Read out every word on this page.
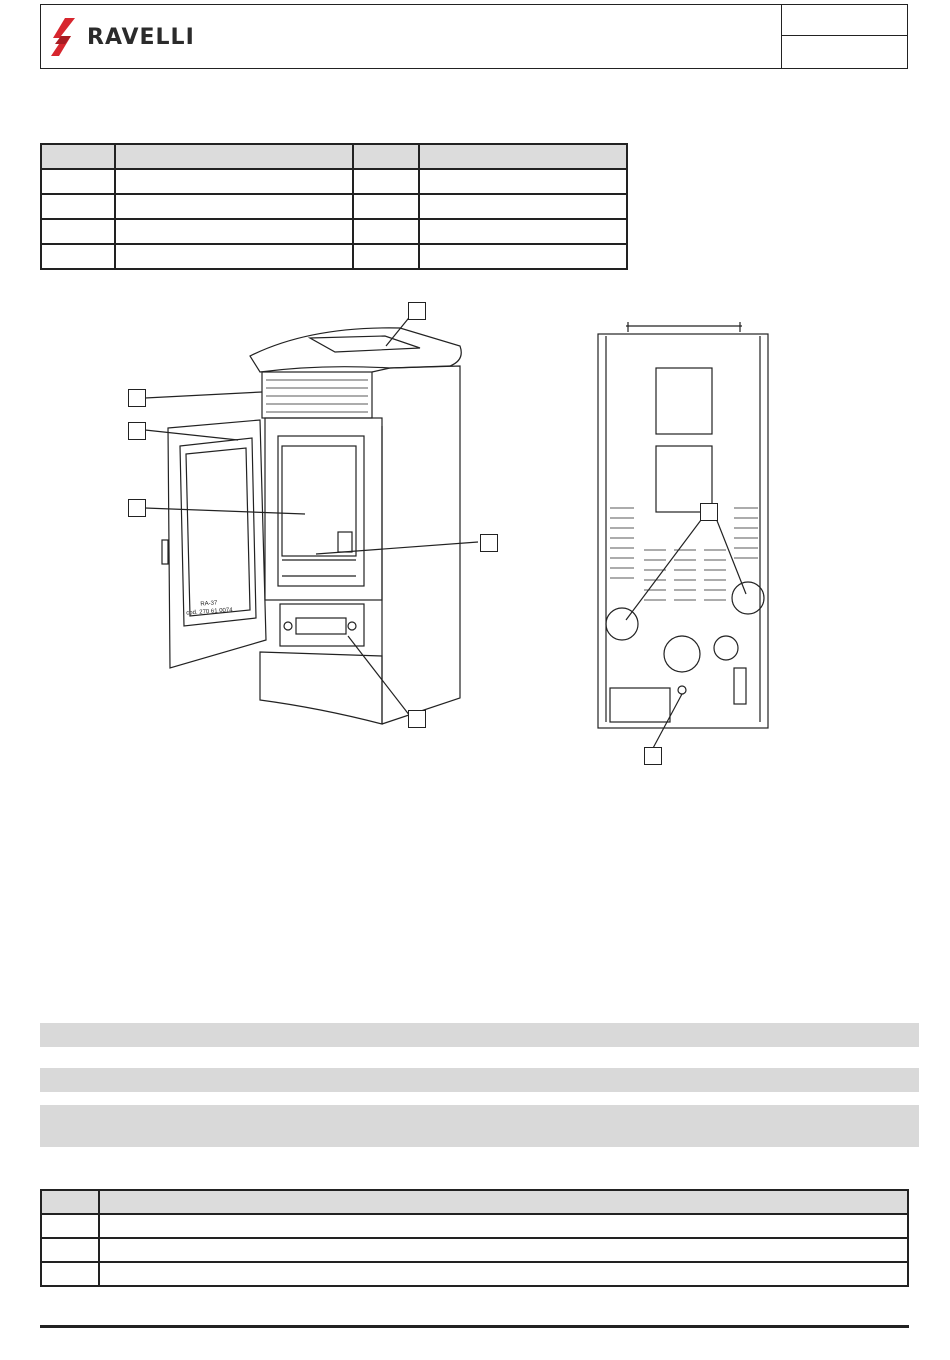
RAVELLI

RA-37
cod. 270 61 0074
